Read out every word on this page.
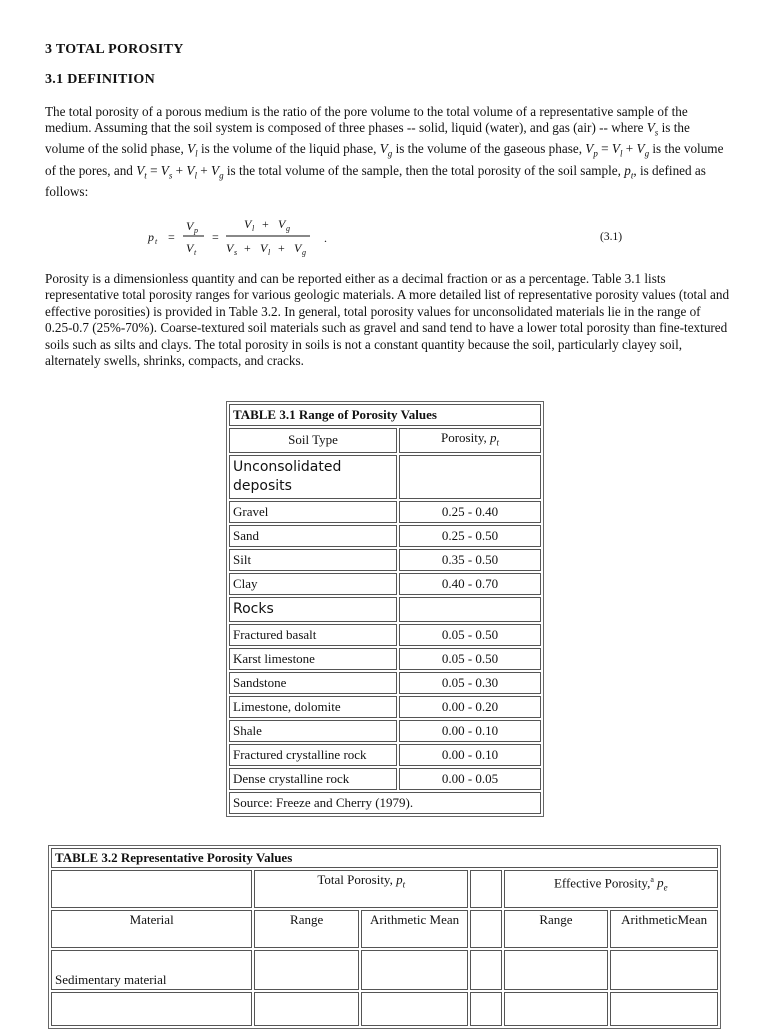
3 TOTAL POROSITY
3.1 DEFINITION

The total porosity of a porous medium is the ratio of the pore volume to the total volume of a representative sample of the medium. Assuming that the soil system is composed of three phases -- solid, liquid (water), and gas (air) -- where $V_s$ is the volume of the solid phase, $V_l$ is the volume of the liquid phase, $V_g$ is the volume of the gaseous phase, $V_p = V_l + V_g$ is the volume of the pores, and $V_t = V_s + V_l + V_g$ is the total volume of the sample, then the total porosity of the soil sample, $p_t$, is defined as follows:

p t =
V p
V t
=
V l + V g
V s + V l + V g
.	(3.1)

Porosity is a dimensionless quantity and can be reported either as a decimal fraction or as a percentage. Table 3.1 lists representative total porosity ranges for various geologic materials. A more detailed list of representative porosity values (total and effective porosities) is provided in Table 3.2. In general, total porosity values for unconsolidated materials lie in the range of 0.25-0.7 (25%-70%). Coarse-textured soil materials such as gravel and sand tend to have a lower total porosity than fine-textured soils such as silts and clays. The total porosity in soils is not a constant quantity because the soil, particularly clayey soil, alternately swells, shrinks, compacts, and cracks.

TABLE 3.1 Range of Porosity Values	
Soil Type	Porosity, $p_t$
Unconsolidated deposits	
Gravel	0.25 - 0.40
Sand	0.25 - 0.50
Silt	0.35 - 0.50
Clay	0.40 - 0.70
Rocks	
Fractured basalt	0.05 - 0.50
Karst limestone	0.05 - 0.50
Sandstone	0.05 - 0.30
Limestone, dolomite	0.00 - 0.20
Shale	0.00 - 0.10
Fractured crystalline rock	0.00 - 0.10
Dense crystalline rock	0.00 - 0.05
Source: Freeze and Cherry (1979).	
TABLE 3.2 Representative Porosity Values					
	Total Porosity, $p_t$			Effective Porosity,$^a$ $p_e$
Material	Range	Arithmetic Mean		Range	ArithmeticMean
Sedimentary material					
